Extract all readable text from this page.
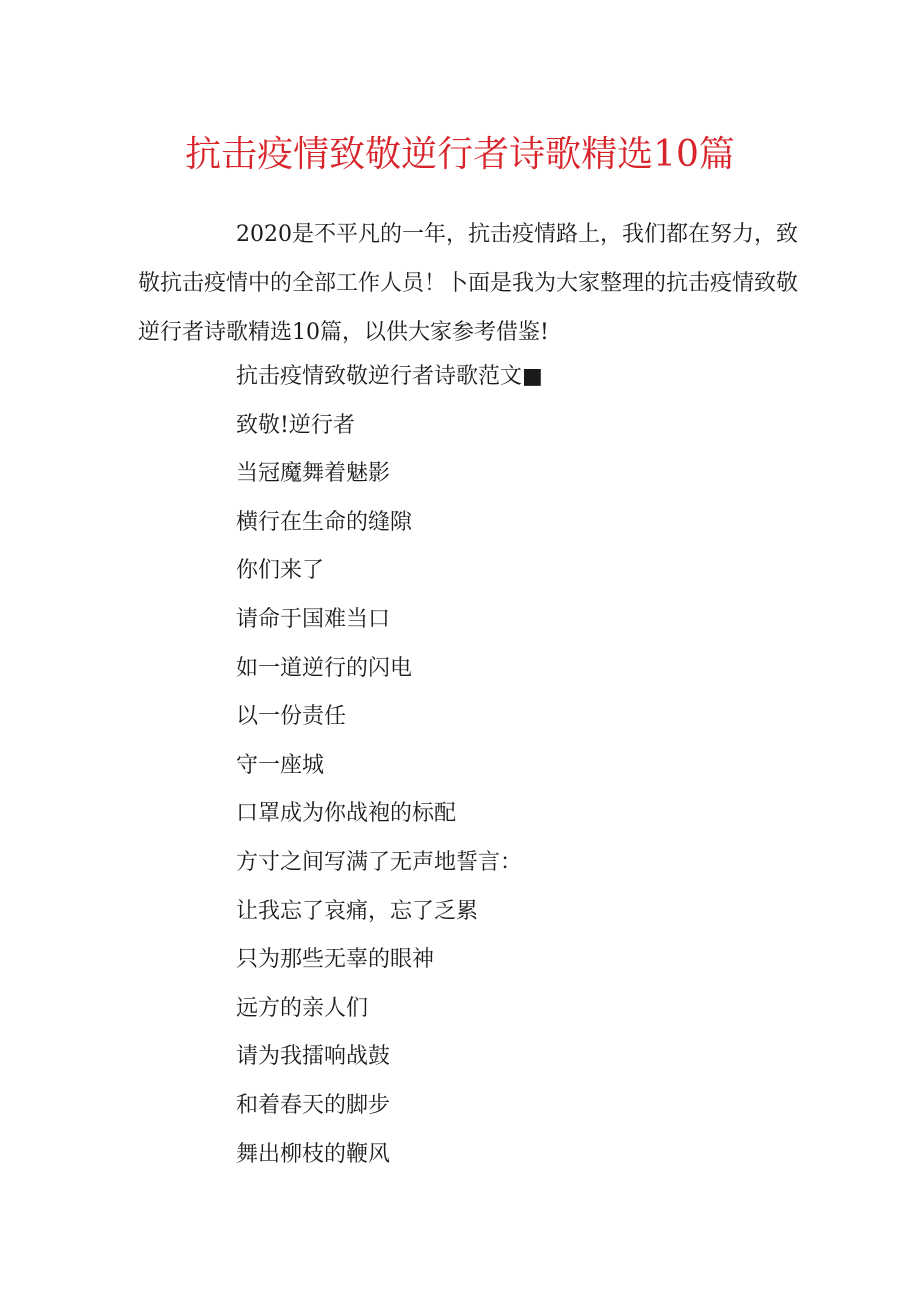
抗击疫情致敬逆行者诗歌精选10篇

2020是不平凡的一年，抗击疫情路上，我们都在努力，致敬抗击疫情中的全部工作人员！卜面是我为大家整理的抗击疫情致敬逆行者诗歌精选10篇，以供大家参考借鉴!

抗击疫情致敬逆行者诗歌范文■
致敬!逆行者
当冠魔舞着魅影
横行在生命的缝隙
你们来了
请命于国难当口
如一道逆行的闪电
以一份责任
守一座城
口罩成为你战袍的标配
方寸之间写满了无声地誓言：
让我忘了哀痛，忘了乏累
只为那些无辜的眼神
远方的亲人们
请为我擂响战鼓
和着春天的脚步
舞出柳枝的鞭风
